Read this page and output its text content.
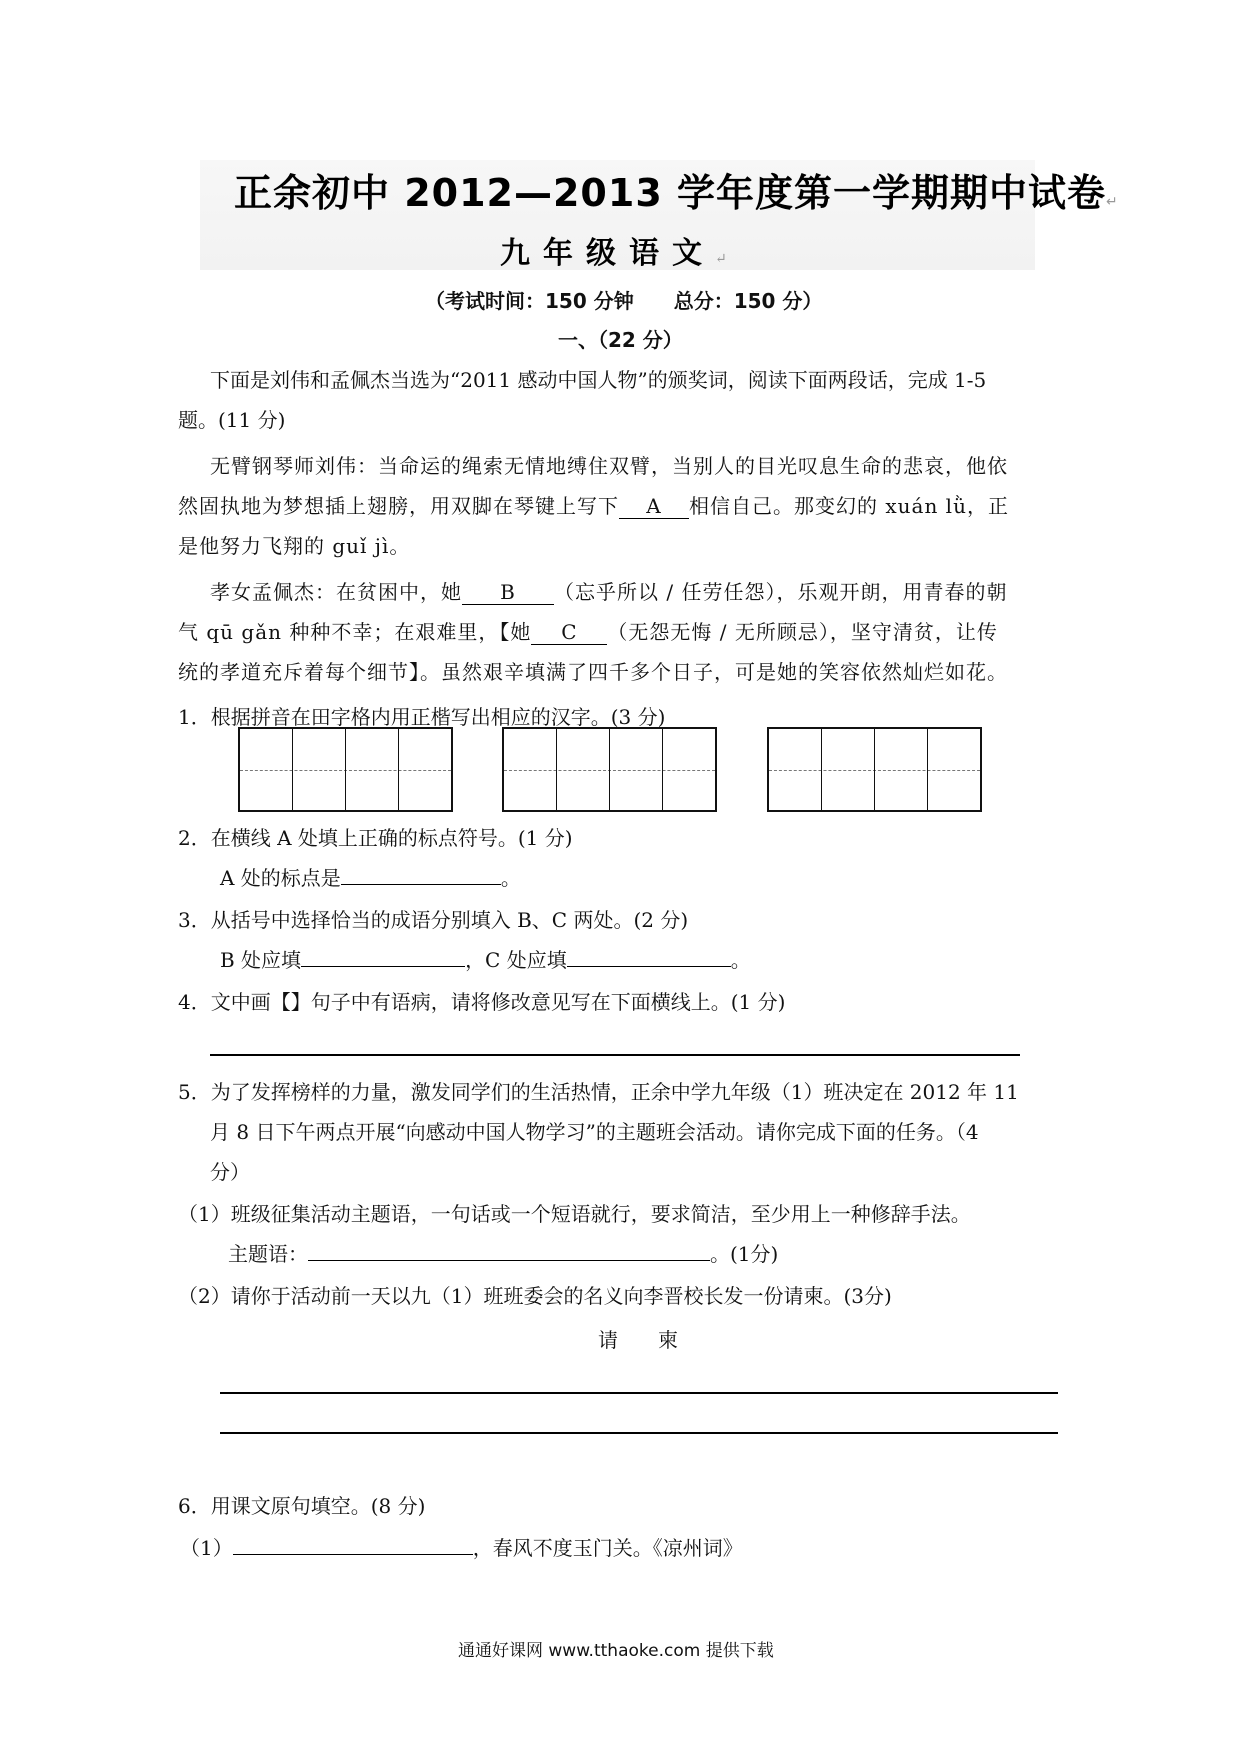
正余初中 2012—2013 学年度第一学期期中试卷↵
九年级语文↵
（考试时间：150 分钟　　总分：150 分）
一、（22 分）
下面是刘伟和孟佩杰当选为“2011 感动中国人物”的颁奖词，阅读下面两段话，完成 1-5
题。(11 分)
无臂钢琴师刘伟：当命运的绳索无情地缚住双臂，当别人的目光叹息生命的悲哀，他依
然固执地为梦想插上翅膀，用双脚在琴键上写下 A 相信自己。那变幻的 xuán lǜ，正
是他努力飞翔的 guǐ jì。
孝女孟佩杰：在贫困中，她 B （忘乎所以 / 任劳任怨），乐观开朗，用青春的朝
气 qū gǎn 种种不幸；在艰难里，【她 C （无怨无悔 / 无所顾忌），坚守清贫，让传
统的孝道充斥着每个细节】。虽然艰辛填满了四千多个日子，可是她的笑容依然灿烂如花。
1．根据拼音在田字格内用正楷写出相应的汉字。(3 分)
2．在横线 A 处填上正确的标点符号。(1 分)
A 处的标点是	。
3．从括号中选择恰当的成语分别填入 B、C 两处。(2 分)
B 处应填	，C 处应填	。
4．文中画【】句子中有语病，请将修改意见写在下面横线上。(1 分)
5．为了发挥榜样的力量，激发同学们的生活热情，正余中学九年级（1）班决定在 2012 年 11
月 8 日下午两点开展“向感动中国人物学习”的主题班会活动。请你完成下面的任务。（4
分）
（1）班级征集活动主题语，一句话或一个短语就行，要求简洁，至少用上一种修辞手法。
主题语：	。(1分)
（2）请你于活动前一天以九（1）班班委会的名义向李晋校长发一份请柬。(3分)
请　　柬
6．用课文原句填空。(8 分)
（1）	，春风不度玉门关。《凉州词》
通通好课网 www.tthaoke.com 提供下载
